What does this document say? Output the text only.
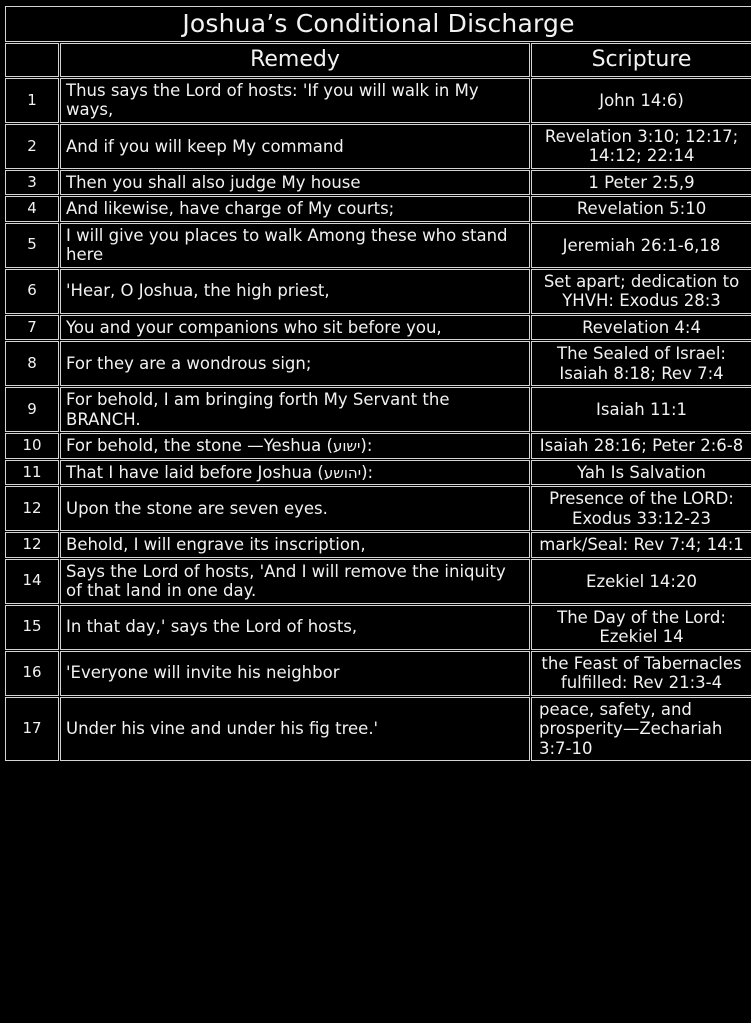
Joshua’s Conditional Discharge		
	Remedy	Scripture
1	Thus says the Lord of hosts: 'If you will walk in My ways,	John 14:6)
2	And if you will keep My command	Revelation 3:10; 12:17; 14:12; 22:14
3	Then you shall also judge My house	1 Peter 2:5,9
4	And likewise, have charge of My courts;	Revelation 5:10
5	I will give you places to walk Among these who stand here	Jeremiah 26:1-6,18
6	'Hear, O Joshua, the high priest,	Set apart; dedication to YHVH: Exodus 28:3
7	You and your companions who sit before you,	Revelation 4:4
8	For they are a wondrous sign;	The Sealed of Israel: Isaiah 8:18; Rev 7:4
9	For behold, I am bringing forth My Servant the BRANCH.	Isaiah 11:1
10	For behold, the stone —Yeshua (ישוע):	Isaiah 28:16; Peter 2:6-8
11	That I have laid before Joshua (יהושע):	Yah Is Salvation
12	Upon the stone are seven eyes.	Presence of the LORD: Exodus 33:12-23
12	Behold, I will engrave its inscription,	mark/Seal: Rev 7:4; 14:1
14	Says the Lord of hosts, 'And I will remove the iniquity of that land in one day.	Ezekiel 14:20
15	In that day,' says the Lord of hosts,	The Day of the Lord: Ezekiel 14
16	'Everyone will invite his neighbor	the Feast of Tabernacles fulfilled: Rev 21:3-4
17	Under his vine and under his fig tree.'	peace, safety, and prosperity—Zechariah 3:7-10
